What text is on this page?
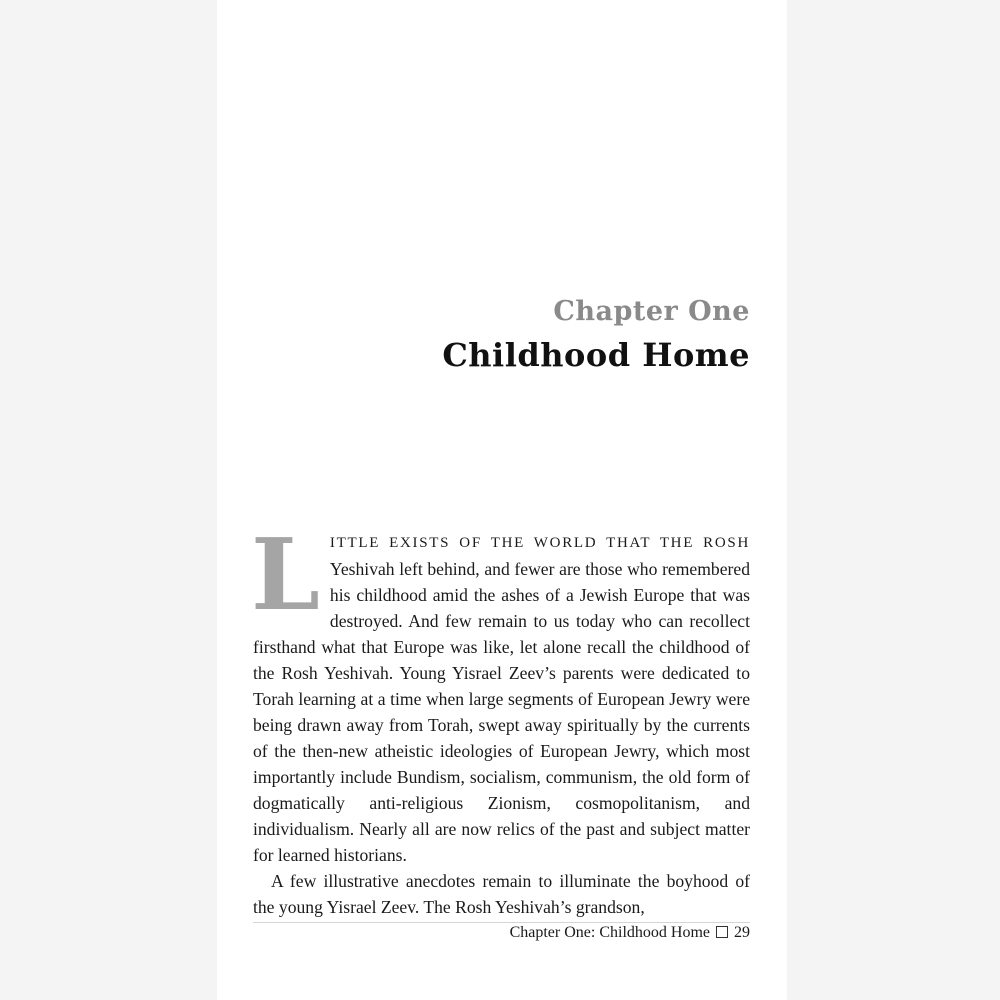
Chapter One
Childhood Home

LITTLE EXISTS OF THE WORLD THAT THE ROSH Yeshivah left behind, and fewer are those who remembered his childhood amid the ashes of a Jewish Europe that was destroyed. And few remain to us today who can recollect firsthand what that Europe was like, let alone recall the childhood of the Rosh Yeshivah. Young Yisrael Zeev’s parents were dedicated to Torah learning at a time when large segments of European Jewry were being drawn away from Torah, swept away spiritually by the currents of the then-new atheistic ideologies of European Jewry, which most importantly include Bundism, socialism, communism, the old form of dogmatically anti-religious Zionism, cosmopolitanism, and individualism. Nearly all are now relics of the past and subject matter for learned historians.

A few illustrative anecdotes remain to illuminate the boyhood of the young Yisrael Zeev. The Rosh Yeshivah’s grandson,

Chapter One: Childhood Home 29
